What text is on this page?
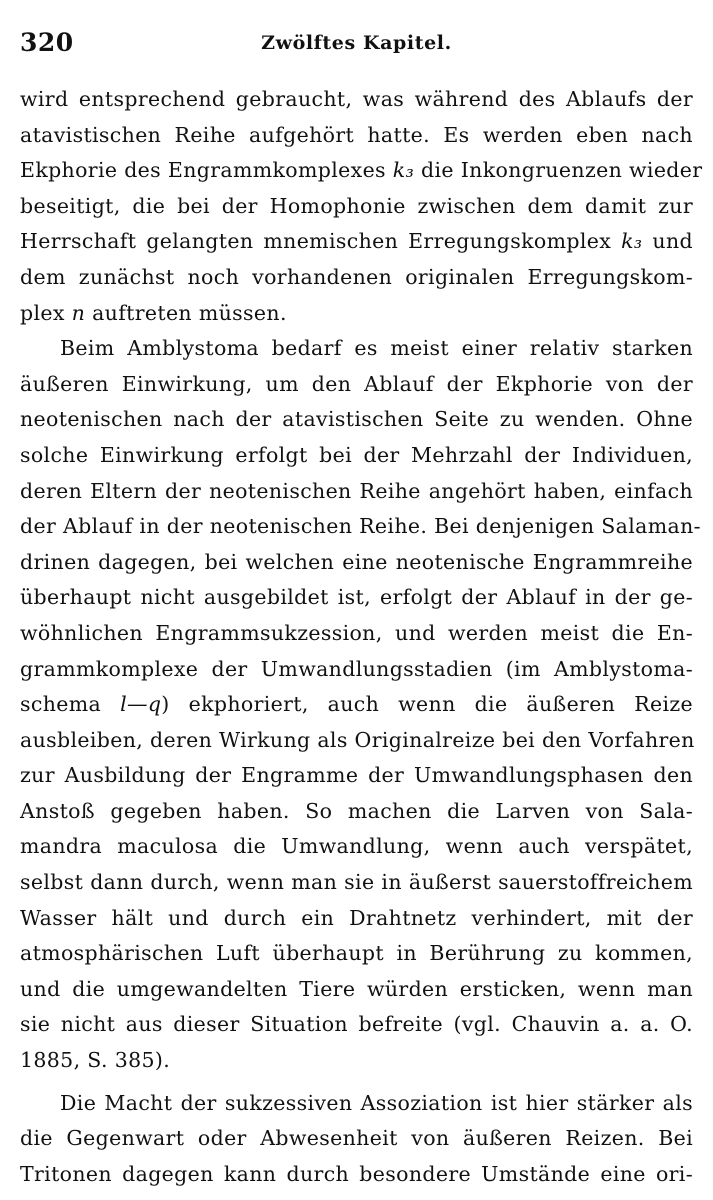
320	Zwölftes Kapitel.
wird entsprechend gebraucht, was während des Ablaufs der
atavistischen Reihe aufgehört hatte. Es werden eben nach
Ekphorie des Engrammkomplexes k₃ die Inkongruenzen wieder
beseitigt, die bei der Homophonie zwischen dem damit zur
Herrschaft gelangten mnemischen Erregungskomplex k₃ und
dem zunächst noch vorhandenen originalen Erregungskom-
plex n auftreten müssen.
Beim Amblystoma bedarf es meist einer relativ starken
äußeren Einwirkung, um den Ablauf der Ekphorie von der
neotenischen nach der atavistischen Seite zu wenden. Ohne
solche Einwirkung erfolgt bei der Mehrzahl der Individuen,
deren Eltern der neotenischen Reihe angehört haben, einfach
der Ablauf in der neotenischen Reihe. Bei denjenigen Salaman-
drinen dagegen, bei welchen eine neotenische Engrammreihe
überhaupt nicht ausgebildet ist, erfolgt der Ablauf in der ge-
wöhnlichen Engrammsukzession, und werden meist die En-
grammkomplexe der Umwandlungsstadien (im Amblystoma-
schema l—q) ekphoriert, auch wenn die äußeren Reize
ausbleiben, deren Wirkung als Originalreize bei den Vorfahren
zur Ausbildung der Engramme der Umwandlungsphasen den
Anstoß gegeben haben. So machen die Larven von Sala-
mandra maculosa die Umwandlung, wenn auch verspätet,
selbst dann durch, wenn man sie in äußerst sauerstoffreichem
Wasser hält und durch ein Drahtnetz verhindert, mit der
atmosphärischen Luft überhaupt in Berührung zu kommen,
und die umgewandelten Tiere würden ersticken, wenn man
sie nicht aus dieser Situation befreite (vgl. Chauvin a. a. O.
1885, S. 385).
Die Macht der sukzessiven Assoziation ist hier stärker als
die Gegenwart oder Abwesenheit von äußeren Reizen. Bei
Tritonen dagegen kann durch besondere Umstände eine ori-
